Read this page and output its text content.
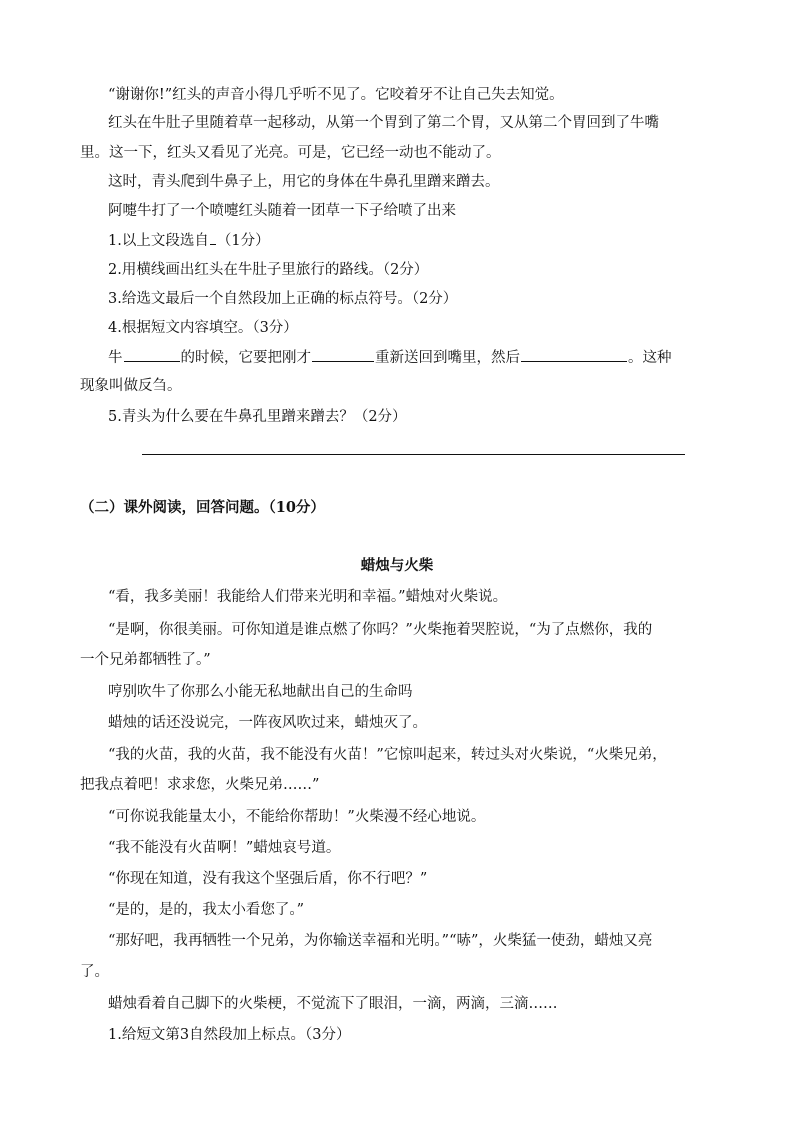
“谢谢你!”红头的声音小得几乎听不见了。它咬着牙不让自己失去知觉。
红头在牛肚子里随着草一起移动，从第一个胃到了第二个胃，又从第二个胃回到了牛嘴
里。这一下，红头又看见了光亮。可是，它已经一动也不能动了。
这时，青头爬到牛鼻子上，用它的身体在牛鼻孔里蹭来蹭去。
阿嚏牛打了一个喷嚏红头随着一团草一下子给喷了出来
1.以上文段选自 （1分）
2.用横线画出红头在牛肚子里旅行的路线。（2分）
3.给选文最后一个自然段加上正确的标点符号。（2分）
4.根据短文内容填空。（3分）
牛	的时候，它要把刚才	重新送回到嘴里，然后	。这种
现象叫做反刍。
5.青头为什么要在牛鼻孔里蹭来蹭去？（2分）
（二）课外阅读，回答问题。（10分）
蜡烛与火柴
“看，我多美丽！我能给人们带来光明和幸福。”蜡烛对火柴说。
“是啊，你很美丽。可你知道是谁点燃了你吗？”火柴拖着哭腔说，“为了点燃你，我的
一个兄弟都牺牲了。”
哼别吹牛了你那么小能无私地献出自己的生命吗
蜡烛的话还没说完，一阵夜风吹过来，蜡烛灭了。
“我的火苗，我的火苗，我不能没有火苗！”它惊叫起来，转过头对火柴说，“火柴兄弟，
把我点着吧！求求您，火柴兄弟……”
“可你说我能量太小，不能给你帮助！”火柴漫不经心地说。
“我不能没有火苗啊！”蜡烛哀号道。
“你现在知道，没有我这个坚强后盾，你不行吧？”
“是的，是的，我太小看您了。”
“那好吧，我再牺牲一个兄弟，为你输送幸福和光明。”“哧”，火柴猛一使劲，蜡烛又亮
了。
蜡烛看着自己脚下的火柴梗，不觉流下了眼泪，一滴，两滴，三滴……
1.给短文第3自然段加上标点。（3分）
